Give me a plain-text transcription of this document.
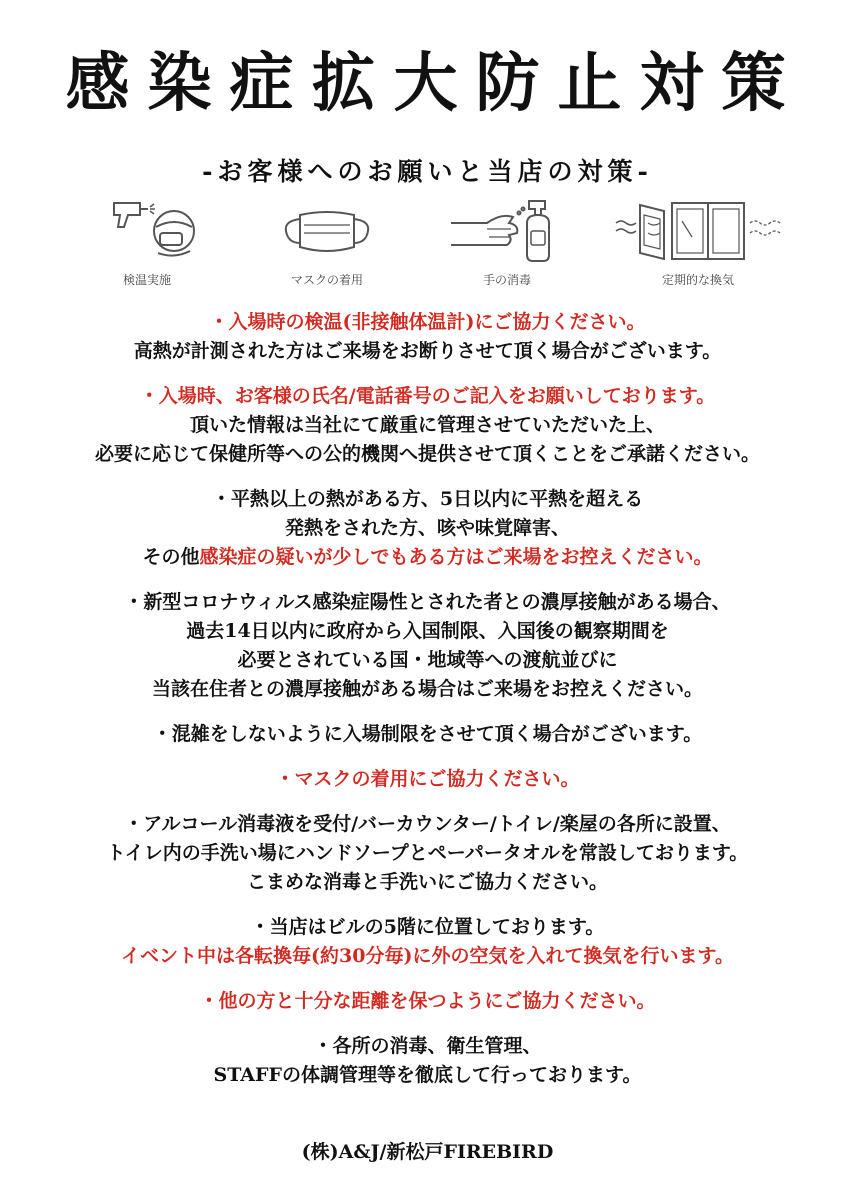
感染症拡大防止対策
-お客様へのお願いと当店の対策-
検温実施	マスクの着用	手の消毒	定期的な換気
・入場時の検温(非接触体温計)にご協力ください。
高熱が計測された方はご来場をお断りさせて頂く場合がございます。
・入場時、お客様の氏名/電話番号のご記入をお願いしております。
頂いた情報は当社にて厳重に管理させていただいた上、
必要に応じて保健所等への公的機関へ提供させて頂くことをご承諾ください。
・平熱以上の熱がある方、5日以内に平熱を超える
発熱をされた方、咳や味覚障害、
その他感染症の疑いが少しでもある方はご来場をお控えください。
・新型コロナウィルス感染症陽性とされた者との濃厚接触がある場合、
過去14日以内に政府から入国制限、入国後の観察期間を
必要とされている国・地域等への渡航並びに
当該在住者との濃厚接触がある場合はご来場をお控えください。
・混雑をしないように入場制限をさせて頂く場合がございます。
・マスクの着用にご協力ください。
・アルコール消毒液を受付/バーカウンター/トイレ/楽屋の各所に設置、
トイレ内の手洗い場にハンドソープとペーパータオルを常設しております。
こまめな消毒と手洗いにご協力ください。
・当店はビルの5階に位置しております。
イベント中は各転換毎(約30分毎)に外の空気を入れて換気を行います。
・他の方と十分な距離を保つようにご協力ください。
・各所の消毒、衛生管理、
STAFFの体調管理等を徹底して行っております。
(株)A&J/新松戸FIREBIRD
